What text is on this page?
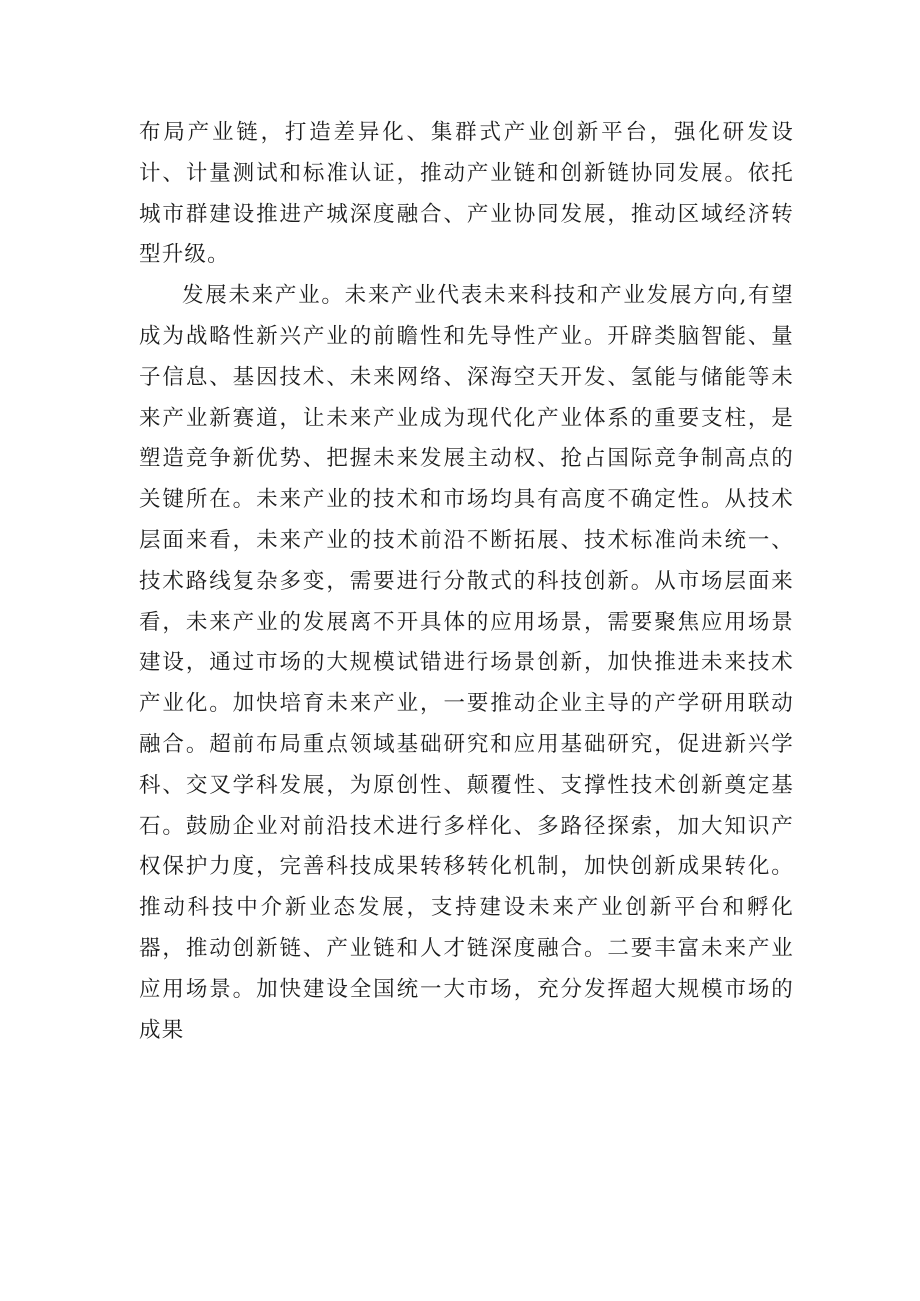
布局产业链，打造差异化、集群式产业创新平台，强化研发设计、计量测试和标准认证，推动产业链和创新链协同发展。依托城市群建设推进产城深度融合、产业协同发展，推动区域经济转型升级。

发展未来产业。未来产业代表未来科技和产业发展方向,有望成为战略性新兴产业的前瞻性和先导性产业。开辟类脑智能、量子信息、基因技术、未来网络、深海空天开发、氢能与储能等未来产业新赛道，让未来产业成为现代化产业体系的重要支柱，是塑造竞争新优势、把握未来发展主动权、抢占国际竞争制高点的关键所在。未来产业的技术和市场均具有高度不确定性。从技术层面来看，未来产业的技术前沿不断拓展、技术标准尚未统一、技术路线复杂多变，需要进行分散式的科技创新。从市场层面来看，未来产业的发展离不开具体的应用场景，需要聚焦应用场景建设，通过市场的大规模试错进行场景创新，加快推进未来技术产业化。加快培育未来产业，一要推动企业主导的产学研用联动融合。超前布局重点领域基础研究和应用基础研究，促进新兴学科、交叉学科发展，为原创性、颠覆性、支撑性技术创新奠定基石。鼓励企业对前沿技术进行多样化、多路径探索，加大知识产权保护力度，完善科技成果转移转化机制，加快创新成果转化。推动科技中介新业态发展，支持建设未来产业创新平台和孵化器，推动创新链、产业链和人才链深度融合。二要丰富未来产业应用场景。加快建设全国统一大市场，充分发挥超大规模市场的成果
